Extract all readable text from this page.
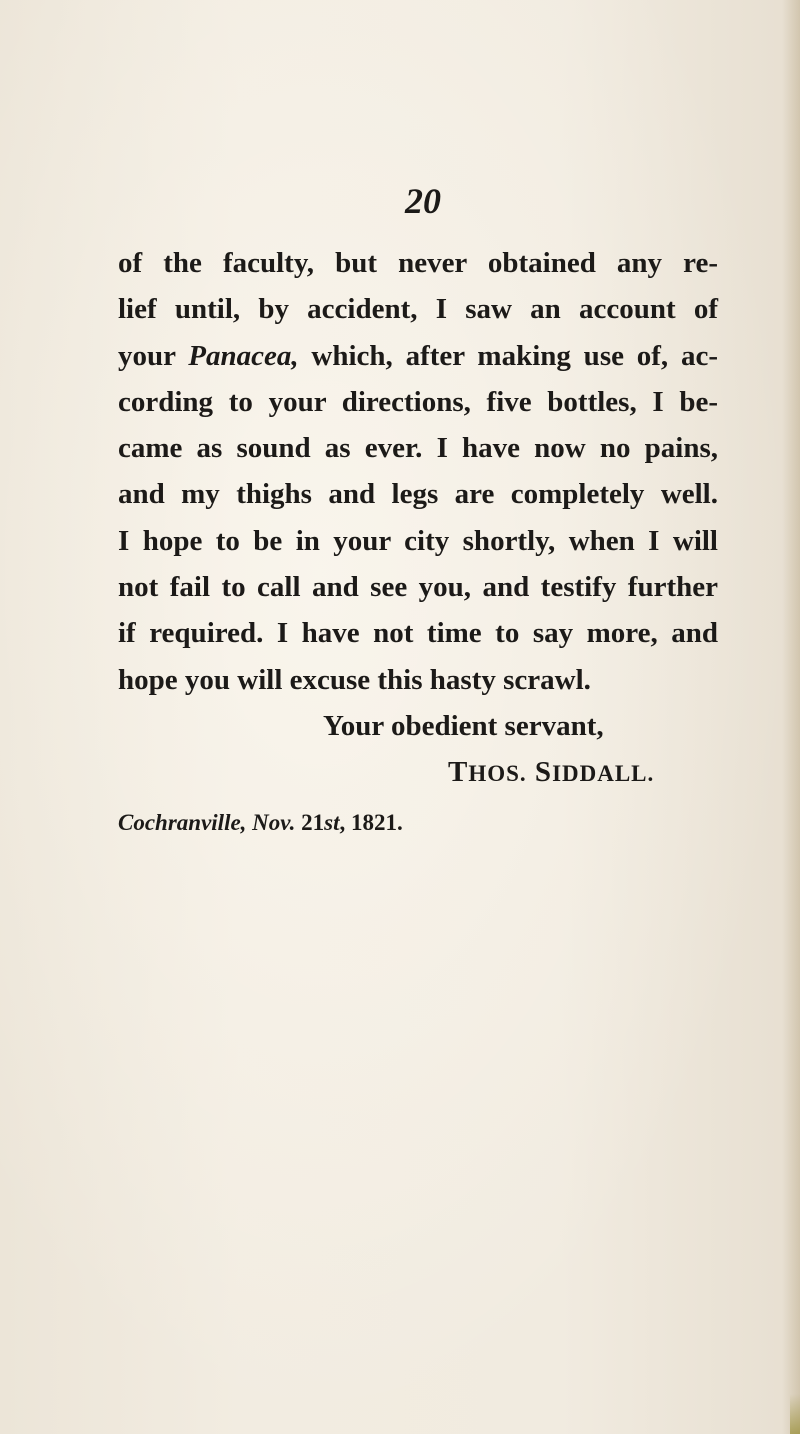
20
of the faculty, but never obtained any re-
lief until, by accident, I saw an account of
your Panacea, which, after making use of, ac-
cording to your directions, five bottles, I be-
came as sound as ever. I have now no pains,
and my thighs and legs are completely well.
I hope to be in your city shortly, when I will
not fail to call and see you, and testify further
if required. I have not time to say more, and
hope you will excuse this hasty scrawl.
Your obedient servant,
THOS. SIDDALL.
Cochranville, Nov. 21st, 1821.
